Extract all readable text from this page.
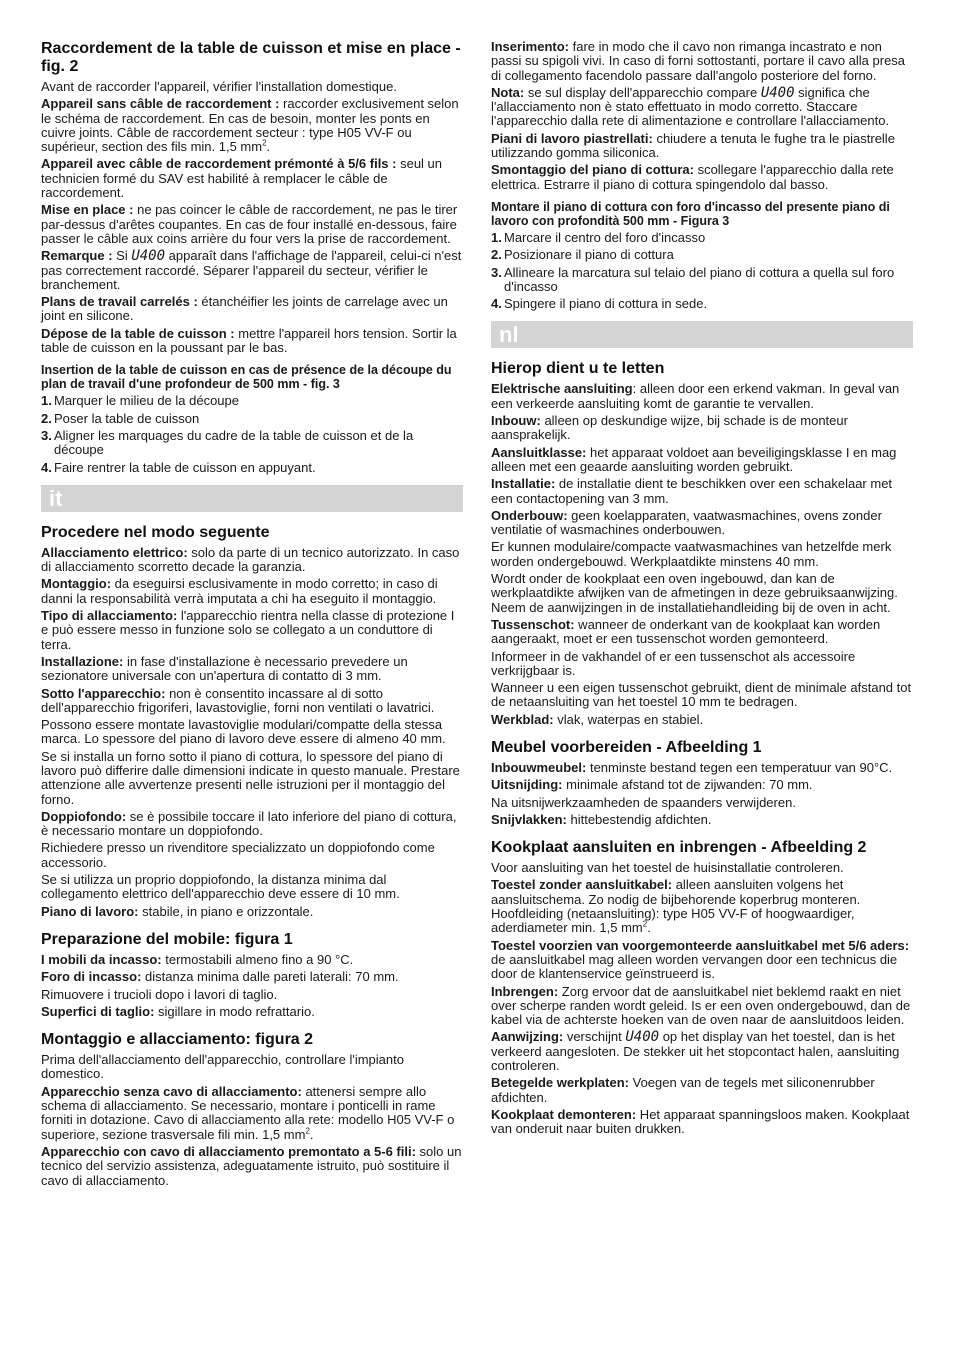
Raccordement de la table de cuisson et mise en place - fig. 2

Avant de raccorder l'appareil, vérifier l'installation domestique.

Appareil sans câble de raccordement : raccorder exclusivement selon le schéma de raccordement. En cas de besoin, monter les ponts en cuivre joints. Câble de raccordement secteur : type H05 VV-F ou supérieur, section des fils min. 1,5 $mm^2$.

Appareil avec câble de raccordement prémonté à 5/6 fils : seul un technicien formé du SAV est habilité à remplacer le câble de raccordement.

Mise en place : ne pas coincer le câble de raccordement, ne pas le tirer par-dessus d'arêtes coupantes. En cas de four installé en-dessous, faire passer le câble aux coins arrière du four vers la prise de raccordement.

Remarque : Si U400 apparaît dans l'affichage de l'appareil, celui-ci n'est pas correctement raccordé. Séparer l'appareil du secteur, vérifier le branchement.

Plans de travail carrelés : étanchéifier les joints de carrelage avec un joint en silicone.

Dépose de la table de cuisson : mettre l'appareil hors tension. Sortir la table de cuisson en la poussant par le bas.

Insertion de la table de cuisson en cas de présence de la découpe du plan de travail d'une profondeur de 500 mm - fig. 3
1. Marquer le milieu de la découpe
2. Poser la table de cuisson
3. Aligner les marquages du cadre de la table de cuisson et de la découpe
4. Faire rentrer la table de cuisson en appuyant.
it
Procedere nel modo seguente

Allacciamento elettrico: solo da parte di un tecnico autorizzato. In caso di allacciamento scorretto decade la garanzia.

Montaggio: da eseguirsi esclusivamente in modo corretto; in caso di danni la responsabilità verrà imputata a chi ha eseguito il montaggio.

Tipo di allacciamento: l'apparecchio rientra nella classe di protezione I e può essere messo in funzione solo se collegato a un conduttore di terra.

Installazione: in fase d'installazione è necessario prevedere un sezionatore universale con un'apertura di contatto di 3 mm.

Sotto l'apparecchio: non è consentito incassare al di sotto dell'apparecchio frigoriferi, lavastoviglie, forni non ventilati o lavatrici.

Possono essere montate lavastoviglie modulari/compatte della stessa marca. Lo spessore del piano di lavoro deve essere di almeno 40 mm.

Se si installa un forno sotto il piano di cottura, lo spessore del piano di lavoro può differire dalle dimensioni indicate in questo manuale. Prestare attenzione alle avvertenze presenti nelle istruzioni per il montaggio del forno.

Doppiofondo: se è possibile toccare il lato inferiore del piano di cottura, è necessario montare un doppiofondo.

Richiedere presso un rivenditore specializzato un doppiofondo come accessorio.

Se si utilizza un proprio doppiofondo, la distanza minima dal collegamento elettrico dell'apparecchio deve essere di 10 mm.

Piano di lavoro: stabile, in piano e orizzontale.

Preparazione del mobile: figura 1

I mobili da incasso: termostabili almeno fino a 90 °C.

Foro di incasso: distanza minima dalle pareti laterali: 70 mm.

Rimuovere i trucioli dopo i lavori di taglio.

Superfici di taglio: sigillare in modo refrattario.

Montaggio e allacciamento: figura 2

Prima dell'allacciamento dell'apparecchio, controllare l'impianto domestico.

Apparecchio senza cavo di allacciamento: attenersi sempre allo schema di allacciamento. Se necessario, montare i ponticelli in rame forniti in dotazione. Cavo di allacciamento alla rete: modello H05 VV-F o superiore, sezione trasversale fili min. 1,5 $mm^2$.

Apparecchio con cavo di allacciamento premontato a 5-6 fili: solo un tecnico del servizio assistenza, adeguatamente istruito, può sostituire il cavo di allacciamento.

Inserimento: fare in modo che il cavo non rimanga incastrato e non passi su spigoli vivi. In caso di forni sottostanti, portare il cavo alla presa di collegamento facendolo passare dall'angolo posteriore del forno.

Nota: se sul display dell'apparecchio compare U400 significa che l'allacciamento non è stato effettuato in modo corretto. Staccare l'apparecchio dalla rete di alimentazione e controllare l'allacciamento.

Piani di lavoro piastrellati: chiudere a tenuta le fughe tra le piastrelle utilizzando gomma siliconica.

Smontaggio del piano di cottura: scollegare l'apparecchio dalla rete elettrica. Estrarre il piano di cottura spingendolo dal basso.

Montare il piano di cottura con foro d'incasso del presente piano di lavoro con profondità 500 mm - Figura 3
1. Marcare il centro del foro d'incasso
2. Posizionare il piano di cottura
3. Allineare la marcatura sul telaio del piano di cottura a quella sul foro d'incasso
4. Spingere il piano di cottura in sede.
nl
Hierop dient u te letten

Elektrische aansluiting: alleen door een erkend vakman. In geval van een verkeerde aansluiting komt de garantie te vervallen.

Inbouw: alleen op deskundige wijze, bij schade is de monteur aansprakelijk.

Aansluitklasse: het apparaat voldoet aan beveiligingsklasse I en mag alleen met een geaarde aansluiting worden gebruikt.

Installatie: de installatie dient te beschikken over een schakelaar met een contactopening van 3 mm.

Onderbouw: geen koelapparaten, vaatwasmachines, ovens zonder ventilatie of wasmachines onderbouwen.

Er kunnen modulaire/compacte vaatwasmachines van hetzelfde merk worden ondergebouwd. Werkplaatdikte minstens 40 mm.

Wordt onder de kookplaat een oven ingebouwd, dan kan de werkplaatdikte afwijken van de afmetingen in deze gebruiksaanwijzing. Neem de aanwijzingen in de installatiehandleiding bij de oven in acht.

Tussenschot: wanneer de onderkant van de kookplaat kan worden aangeraakt, moet er een tussenschot worden gemonteerd.

Informeer in de vakhandel of er een tussenschot als accessoire verkrijgbaar is.

Wanneer u een eigen tussenschot gebruikt, dient de minimale afstand tot de netaansluiting van het toestel 10 mm te bedragen.

Werkblad: vlak, waterpas en stabiel.

Meubel voorbereiden - Afbeelding 1

Inbouwmeubel: tenminste bestand tegen een temperatuur van 90°C.

Uitsnijding: minimale afstand tot de zijwanden: 70 mm.

Na uitsnijwerkzaamheden de spaanders verwijderen.

Snijvlakken: hittebestendig afdichten.

Kookplaat aansluiten en inbrengen - Afbeelding 2

Voor aansluiting van het toestel de huisinstallatie controleren.

Toestel zonder aansluitkabel: alleen aansluiten volgens het aansluitschema. Zo nodig de bijbehorende koperbrug monteren. Hoofdleiding (netaansluiting): type H05 VV-F of hoogwaardiger, aderdiameter min. 1,5 $mm^2$.

Toestel voorzien van voorgemonteerde aansluitkabel met 5/6 aders: de aansluitkabel mag alleen worden vervangen door een technicus die door de klantenservice geïnstrueerd is.

Inbrengen: Zorg ervoor dat de aansluitkabel niet beklemd raakt en niet over scherpe randen wordt geleid. Is er een oven ondergebouwd, dan de kabel via de achterste hoeken van de oven naar de aansluitdoos leiden.

Aanwijzing: verschijnt U400 op het display van het toestel, dan is het verkeerd aangesloten. De stekker uit het stopcontact halen, aansluiting controleren.

Betegelde werkplaten: Voegen van de tegels met siliconenrubber afdichten.

Kookplaat demonteren: Het apparaat spanningsloos maken. Kookplaat van onderuit naar buiten drukken.
